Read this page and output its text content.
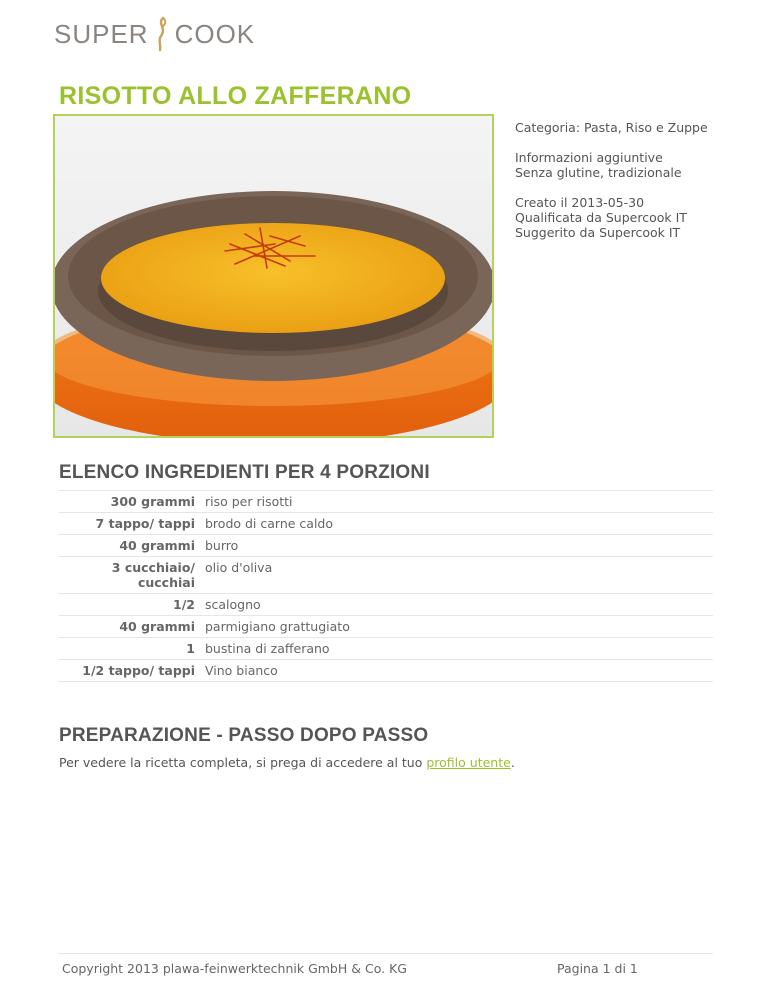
SUPER COOK
RISOTTO ALLO ZAFFERANO

Categoria: Pasta, Riso e Zuppe

Informazioni aggiuntive
Senza glutine, tradizionale

Creato il 2013-05-30
Qualificata da Supercook IT
Suggerito da Supercook IT

ELENCO INGREDIENTI PER 4 PORZIONI
300 grammi riso per risotti
7 tappo/ tappi brodo di carne caldo
40 grammi burro
3 cucchiaio/ cucchiai
olio d'oliva
1/2 scalogno
40 grammi parmigiano grattugiato
1 bustina di zafferano
1/2 tappo/ tappi Vino bianco
PREPARAZIONE - PASSO DOPO PASSO

Per vedere la ricetta completa, si prega di accedere al tuo profilo utente.

Copyright 2013 plawa-feinwerktechnik GmbH & Co. KG	Pagina 1 di 1
